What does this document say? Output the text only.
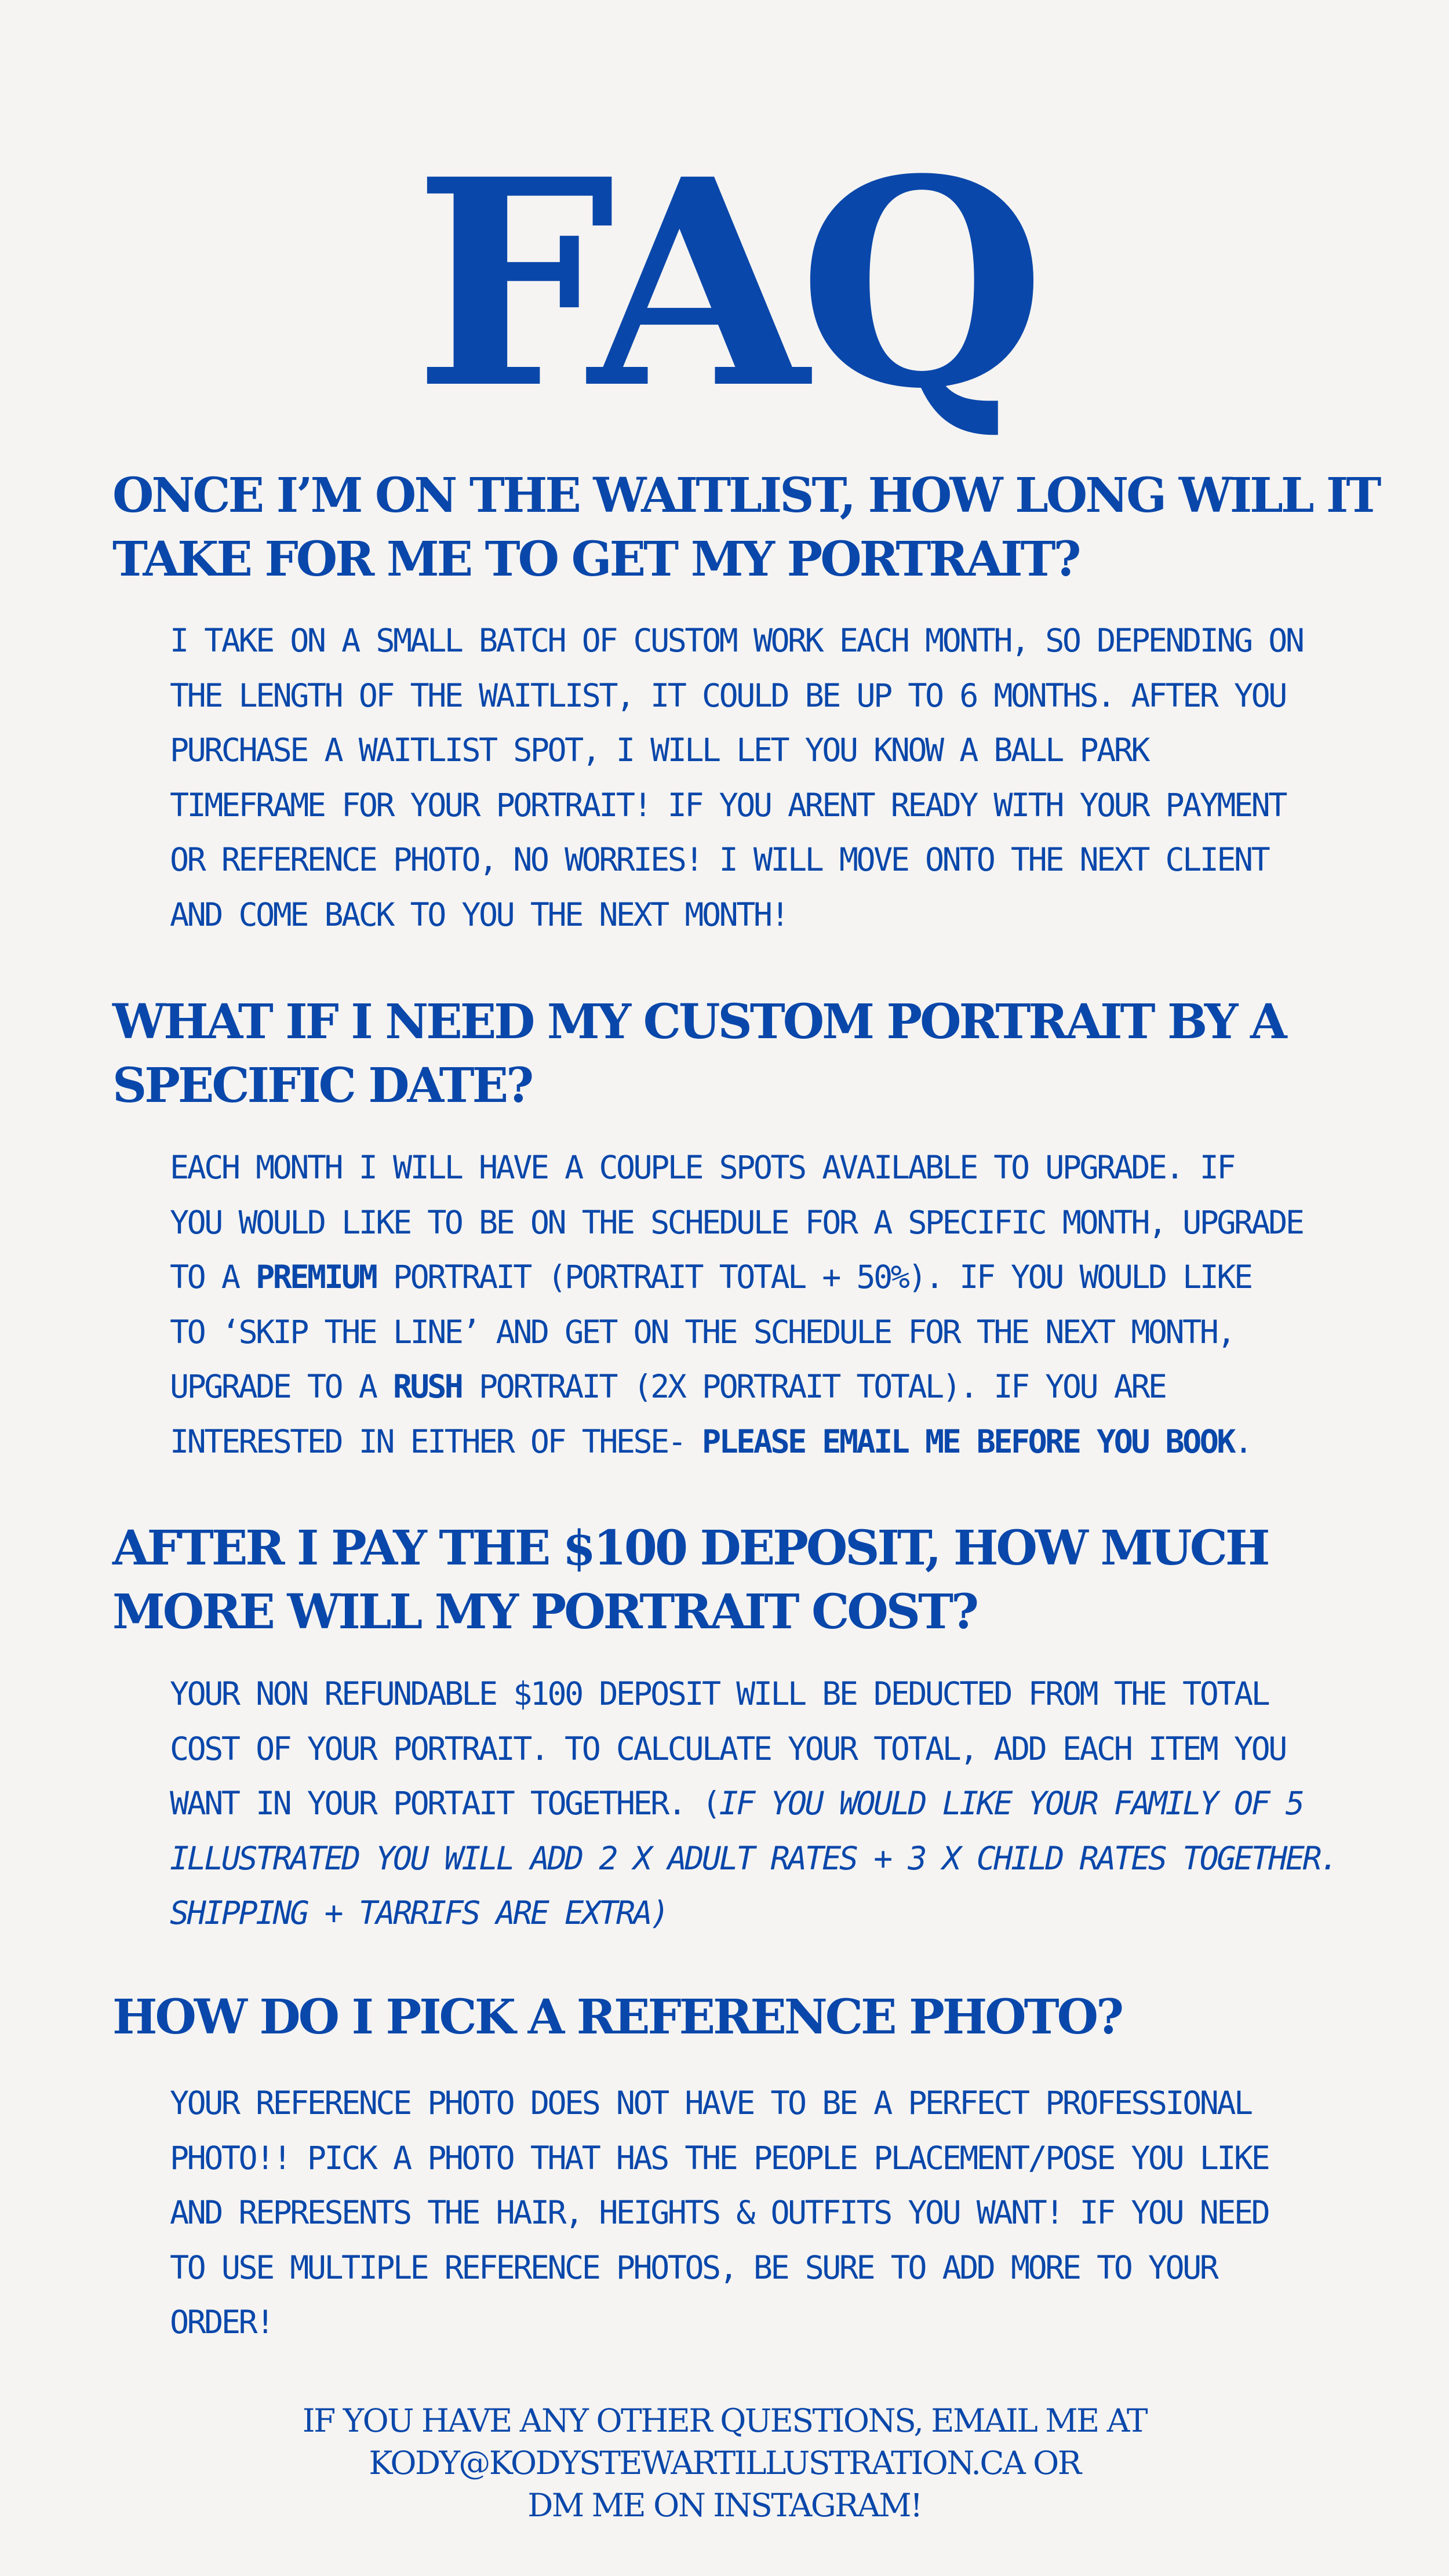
FAQ
ONCE I’M ON THE WAITLIST, HOW LONG WILL IT TAKE FOR ME TO GET MY PORTRAIT?

I TAKE ON A SMALL BATCH OF CUSTOM WORK EACH MONTH, SO DEPENDING ON
THE LENGTH OF THE WAITLIST, IT COULD BE UP TO 6 MONTHS. AFTER YOU
PURCHASE A WAITLIST SPOT, I WILL LET YOU KNOW A BALL PARK
TIMEFRAME FOR YOUR PORTRAIT! IF YOU ARENT READY WITH YOUR PAYMENT
OR REFERENCE PHOTO, NO WORRIES! I WILL MOVE ONTO THE NEXT CLIENT
AND COME BACK TO YOU THE NEXT MONTH!

WHAT IF I NEED MY CUSTOM PORTRAIT BY A SPECIFIC DATE?

EACH MONTH I WILL HAVE A COUPLE SPOTS AVAILABLE TO UPGRADE. IF
YOU WOULD LIKE TO BE ON THE SCHEDULE FOR A SPECIFIC MONTH, UPGRADE
TO A PREMIUM PORTRAIT (PORTRAIT TOTAL + 50%). IF YOU WOULD LIKE
TO ‘SKIP THE LINE’ AND GET ON THE SCHEDULE FOR THE NEXT MONTH,
UPGRADE TO A RUSH PORTRAIT (2X PORTRAIT TOTAL). IF YOU ARE
INTERESTED IN EITHER OF THESE- PLEASE EMAIL ME BEFORE YOU BOOK.

AFTER I PAY THE $100 DEPOSIT, HOW MUCH MORE WILL MY PORTRAIT COST?

YOUR NON REFUNDABLE $100 DEPOSIT WILL BE DEDUCTED FROM THE TOTAL
COST OF YOUR PORTRAIT. TO CALCULATE YOUR TOTAL, ADD EACH ITEM YOU
WANT IN YOUR PORTAIT TOGETHER. (IF YOU WOULD LIKE YOUR FAMILY OF 5
ILLUSTRATED YOU WILL ADD 2 X ADULT RATES + 3 X CHILD RATES TOGETHER.
SHIPPING + TARRIFS ARE EXTRA)

HOW DO I PICK A REFERENCE PHOTO?

YOUR REFERENCE PHOTO DOES NOT HAVE TO BE A PERFECT PROFESSIONAL
PHOTO!! PICK A PHOTO THAT HAS THE PEOPLE PLACEMENT/POSE YOU LIKE
AND REPRESENTS THE HAIR, HEIGHTS & OUTFITS YOU WANT! IF YOU NEED
TO USE MULTIPLE REFERENCE PHOTOS, BE SURE TO ADD MORE TO YOUR
ORDER!

IF YOU HAVE ANY OTHER QUESTIONS, EMAIL ME AT
KODY@KODYSTEWARTILLUSTRATION.CA OR
DM ME ON INSTAGRAM!
